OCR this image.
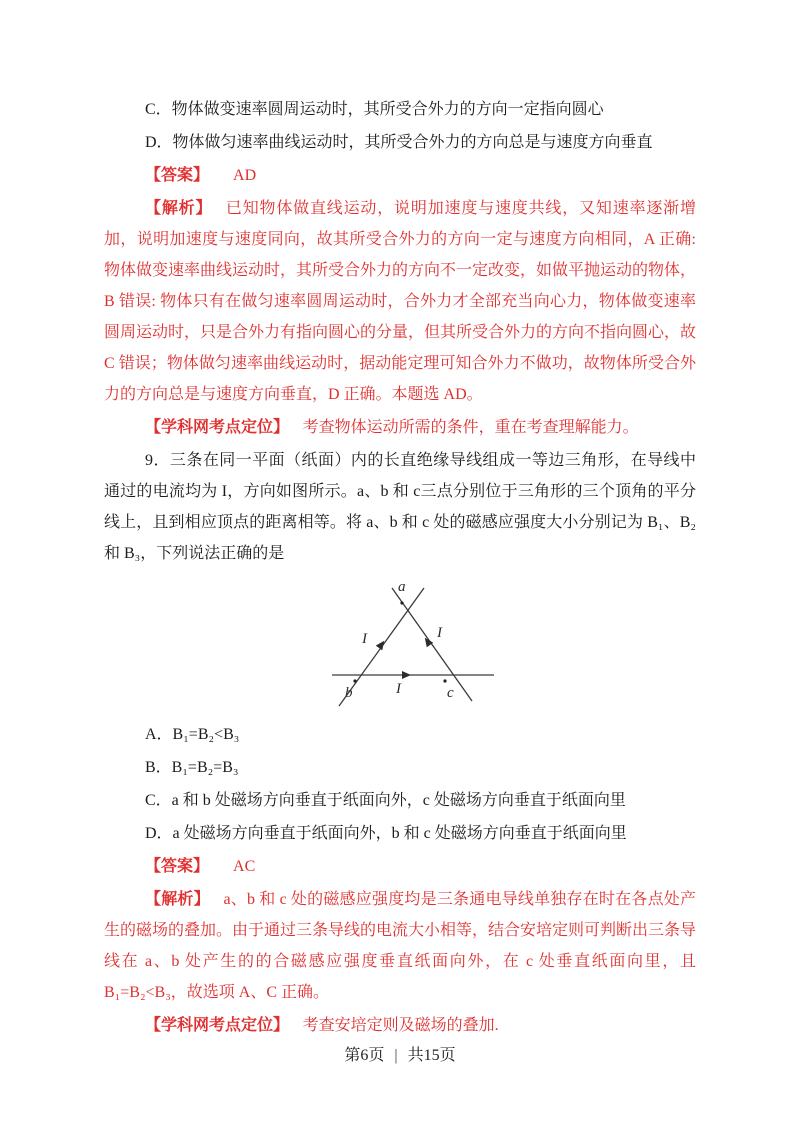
C．物体做变速率圆周运动时，其所受合外力的方向一定指向圆心

D．物体做匀速率曲线运动时，其所受合外力的方向总是与速度方向垂直

【答案】 AD

【解析】 已知物体做直线运动，说明加速度与速度共线，又知速率逐渐增加，说明加速度与速度同向，故其所受合外力的方向一定与速度方向相同，A 正确: 物体做变速率曲线运动时，其所受合外力的方向不一定改变，如做平抛运动的物体，B 错误: 物体只有在做匀速率圆周运动时，合外力才全部充当向心力，物体做变速率圆周运动时，只是合外力有指向圆心的分量，但其所受合外力的方向不指向圆心，故 C 错误；物体做匀速率曲线运动时，据动能定理可知合外力不做功，故物体所受合外力的方向总是与速度方向垂直，D 正确。本题选 AD。

【学科网考点定位】 考查物体运动所需的条件，重在考查理解能力。

9．三条在同一平面（纸面）内的长直绝缘导线组成一等边三角形，在导线中通过的电流均为 I，方向如图所示。a、b 和 c三点分别位于三角形的三个顶角的平分线上，且到相应顶点的距离相等。将 a、b 和 c 处的磁感应强度大小分别记为 B₁、B₂ 和 B₃，下列说法正确的是

a
b	c
I	I
I

A．B₁=B₂<B₃

B．B₁=B₂=B₃

C．a 和 b 处磁场方向垂直于纸面向外，c 处磁场方向垂直于纸面向里

D．a 处磁场方向垂直于纸面向外，b 和 c 处磁场方向垂直于纸面向里

【答案】 AC

【解析】 a、b 和 c 处的磁感应强度均是三条通电导线单独存在时在各点处产生的磁场的叠加。由于通过三条导线的电流大小相等，结合安培定则可判断出三条导线在 a、b 处产生的的合磁感应强度垂直纸面向外，在 c 处垂直纸面向里，且 B₁=B₂<B₃，故选项 A、C 正确。

【学科网考点定位】 考查安培定则及磁场的叠加.

第6页 | 共15页
